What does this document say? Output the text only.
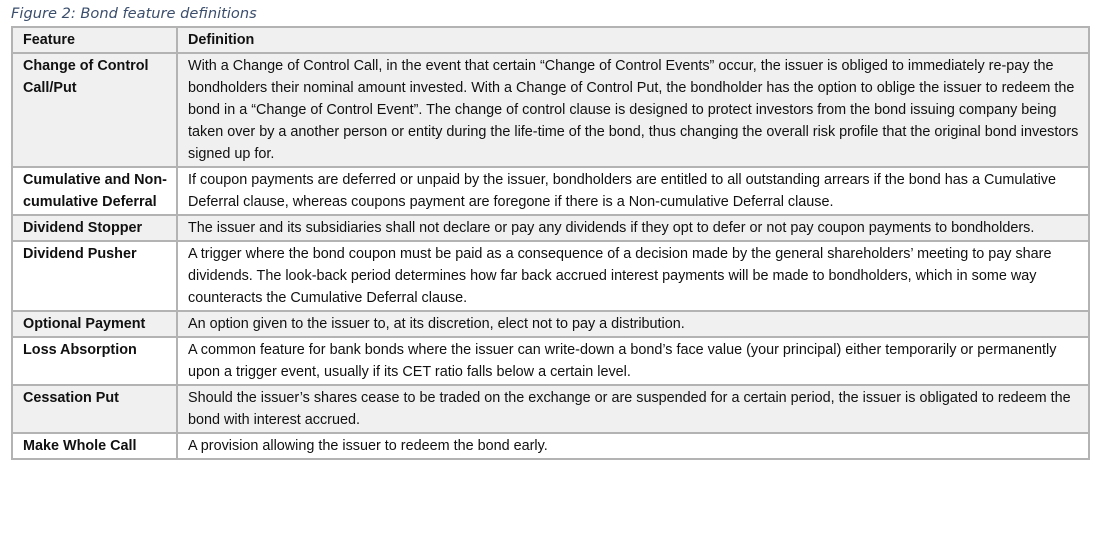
Figure 2: Bond feature definitions
Feature	Definition
Change of Control Call/Put	With a Change of Control Call, in the event that certain “Change of Control Events” occur, the issuer is obliged to immediately re-pay the bondholders their nominal amount invested. With a Change of Control Put, the bondholder has the option to oblige the issuer to redeem the bond in a “Change of Control Event”. The change of control clause is designed to protect investors from the bond issuing company being taken over by a another person or entity during the life-time of the bond, thus changing the overall risk profile that the original bond investors signed up for.
Cumulative and Non-cumulative Deferral	If coupon payments are deferred or unpaid by the issuer, bondholders are entitled to all outstanding arrears if the bond has a Cumulative Deferral clause, whereas coupons payment are foregone if there is a Non-cumulative Deferral clause.
Dividend Stopper	The issuer and its subsidiaries shall not declare or pay any dividends if they opt to defer or not pay coupon payments to bondholders.
Dividend Pusher	A trigger where the bond coupon must be paid as a consequence of a decision made by the general shareholders’ meeting to pay share dividends. The look-back period determines how far back accrued interest payments will be made to bondholders, which in some way counteracts the Cumulative Deferral clause.
Optional Payment	An option given to the issuer to, at its discretion, elect not to pay a distribution.
Loss Absorption	A common feature for bank bonds where the issuer can write-down a bond’s face value (your principal) either temporarily or permanently upon a trigger event, usually if its CET ratio falls below a certain level.
Cessation Put	Should the issuer’s shares cease to be traded on the exchange or are suspended for a certain period, the issuer is obligated to redeem the bond with interest accrued.
Make Whole Call	A provision allowing the issuer to redeem the bond early.
